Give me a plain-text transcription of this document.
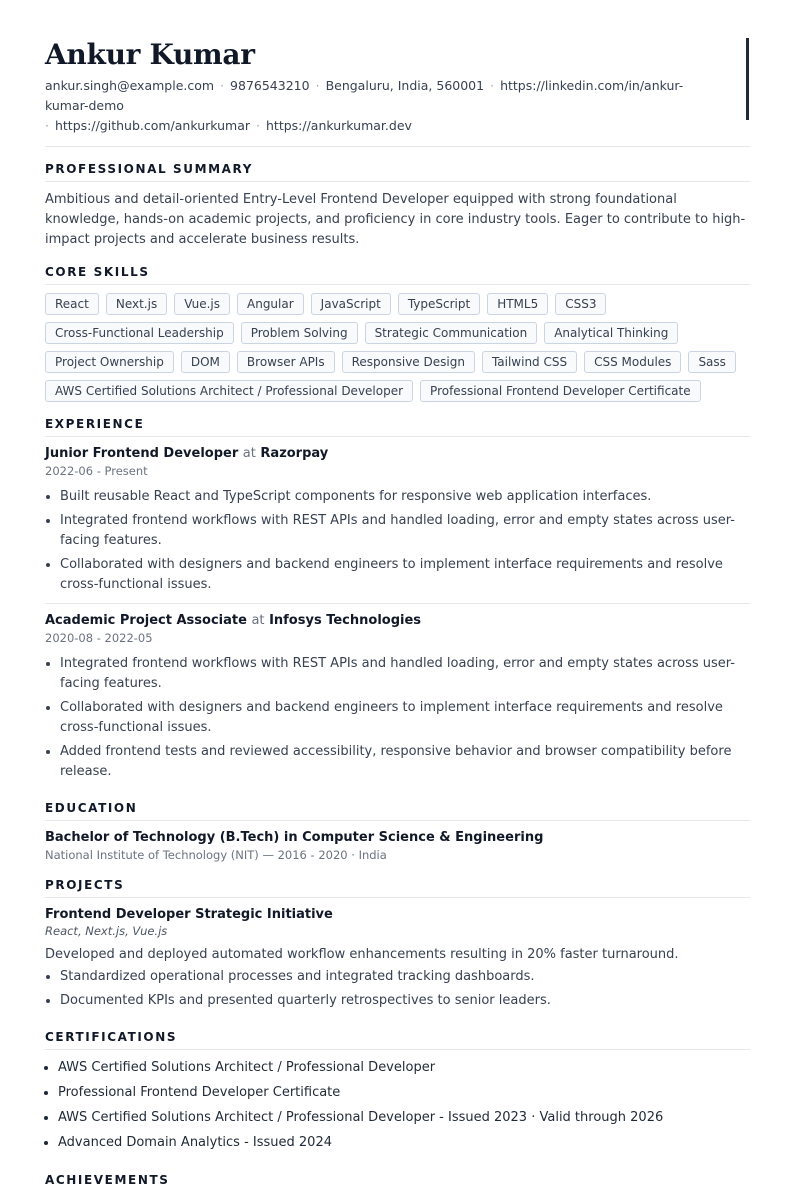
Ankur Kumar
ankur.singh@example.com · 9876543210 · Bengaluru, India, 560001 · https://linkedin.com/in/ankur-kumar-demo
· https://github.com/ankurkumar · https://ankurkumar.dev
PROFESSIONAL SUMMARY

Ambitious and detail-oriented Entry-Level Frontend Developer equipped with strong foundational knowledge, hands-on academic projects, and proficiency in core industry tools. Eager to contribute to high-impact projects and accelerate business results.

CORE SKILLS
React	Next.js	Vue.js	Angular	JavaScript	TypeScript	HTML5	CSS3
Cross-Functional Leadership	Problem Solving	Strategic Communication	Analytical Thinking
Project Ownership	DOM	Browser APIs	Responsive Design	Tailwind CSS	CSS Modules	Sass
AWS Certified Solutions Architect / Professional Developer	Professional Frontend Developer Certificate
EXPERIENCE
Junior Frontend Developer at Razorpay
2022-06 - Present
• Built reusable React and TypeScript components for responsive web application interfaces.
• Integrated frontend workflows with REST APIs and handled loading, error and empty states across user-facing features.
• Collaborated with designers and backend engineers to implement interface requirements and resolve cross-functional issues.
Academic Project Associate at Infosys Technologies
2020-08 - 2022-05
• Integrated frontend workflows with REST APIs and handled loading, error and empty states across user-facing features.
• Collaborated with designers and backend engineers to implement interface requirements and resolve cross-functional issues.
• Added frontend tests and reviewed accessibility, responsive behavior and browser compatibility before release.
EDUCATION
Bachelor of Technology (B.Tech) in Computer Science & Engineering
National Institute of Technology (NIT) — 2016 - 2020 · India
PROJECTS
Frontend Developer Strategic Initiative
React, Next.js, Vue.js
Developed and deployed automated workflow enhancements resulting in 20% faster turnaround.
• Standardized operational processes and integrated tracking dashboards.
• Documented KPIs and presented quarterly retrospectives to senior leaders.
CERTIFICATIONS
• AWS Certified Solutions Architect / Professional Developer
• Professional Frontend Developer Certificate
• AWS Certified Solutions Architect / Professional Developer - Issued 2023 · Valid through 2026
• Advanced Domain Analytics - Issued 2024
ACHIEVEMENTS
